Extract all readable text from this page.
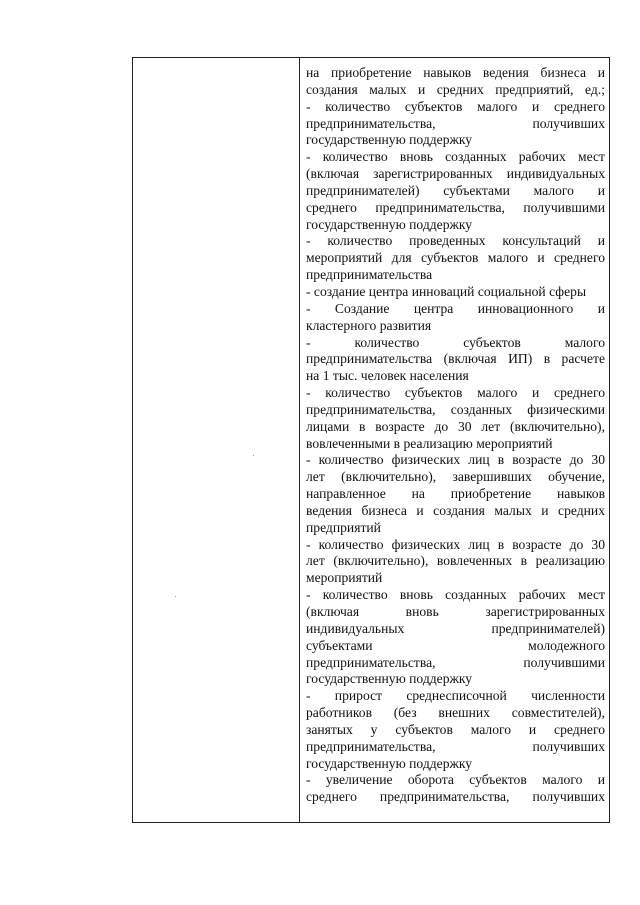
на приобретение навыков ведения бизнеса и
создания малых и средних предприятий, ед.;
- количество субъектов малого и среднего
предпринимательства, получивших
государственную поддержку
- количество вновь созданных рабочих мест
(включая зарегистрированных индивидуальных
предпринимателей) субъектами малого и
среднего предпринимательства, получившими
государственную поддержку
- количество проведенных консультаций и
мероприятий для субъектов малого и среднего
предпринимательства
- создание центра инноваций социальной сферы
- Создание центра инновационного и
кластерного развития
- количество субъектов малого
предпринимательства (включая ИП) в расчете
на 1 тыс. человек населения
- количество субъектов малого и среднего
предпринимательства, созданных физическими
лицами в возрасте до 30 лет (включительно),
вовлеченными в реализацию мероприятий
- количество физических лиц в возрасте до 30
лет (включительно), завершивших обучение,
направленное на приобретение навыков
ведения бизнеса и создания малых и средних
предприятий
- количество физических лиц в возрасте до 30
лет (включительно), вовлеченных в реализацию
мероприятий
- количество вновь созданных рабочих мест
(включая вновь зарегистрированных
индивидуальных предпринимателей)
субъектами молодежного
предпринимательства, получившими
государственную поддержку
- прирост среднесписочной численности
работников (без внешних совместителей),
занятых у субъектов малого и среднего
предпринимательства, получивших
государственную поддержку
- увеличение оборота субъектов малого и
среднего предпринимательства, получивших
